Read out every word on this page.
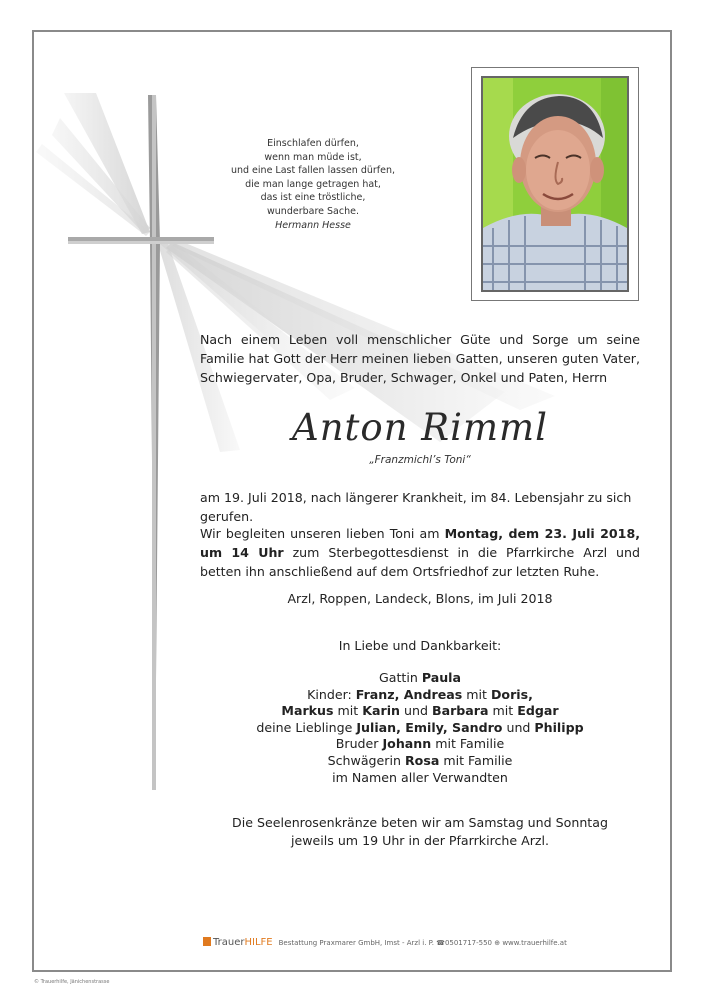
Einschlafen dürfen,
wenn man müde ist,
und eine Last fallen lassen dürfen,
die man lange getragen hat,
das ist eine tröstliche,
wunderbare Sache.
Hermann Hesse
Nach einem Leben voll menschlicher Güte und Sorge um seine Familie hat Gott der Herr meinen lieben Gatten, unseren guten Vater, Schwiegervater, Opa, Bruder, Schwager, Onkel und Paten, Herrn
Anton Rimml
„Franzmichl’s Toni“
am 19. Juli 2018, nach längerer Krankheit, im 84. Lebensjahr zu sich gerufen.
Wir begleiten unseren lieben Toni am Montag, dem 23. Juli 2018, um 14 Uhr zum Sterbegottesdienst in die Pfarrkirche Arzl und betten ihn anschließend auf dem Ortsfriedhof zur letzten Ruhe.
Arzl, Roppen, Landeck, Blons, im Juli 2018
In Liebe und Dankbarkeit:
Gattin Paula
Kinder: Franz, Andreas mit Doris,
Markus mit Karin und Barbara mit Edgar
deine Lieblinge Julian, Emily, Sandro und Philipp
Bruder Johann mit Familie
Schwägerin Rosa mit Familie
im Namen aller Verwandten
Die Seelenrosenkränze beten wir am Samstag und Sonntag
jeweils um 19 Uhr in der Pfarrkirche Arzl.
TrauerHILFE Bestattung Praxmarer GmbH, Imst - Arzl i. P. ☎0501717-550 ⊕ www.trauerhilfe.at
© Trauerhilfe, Jänichenstrasse
